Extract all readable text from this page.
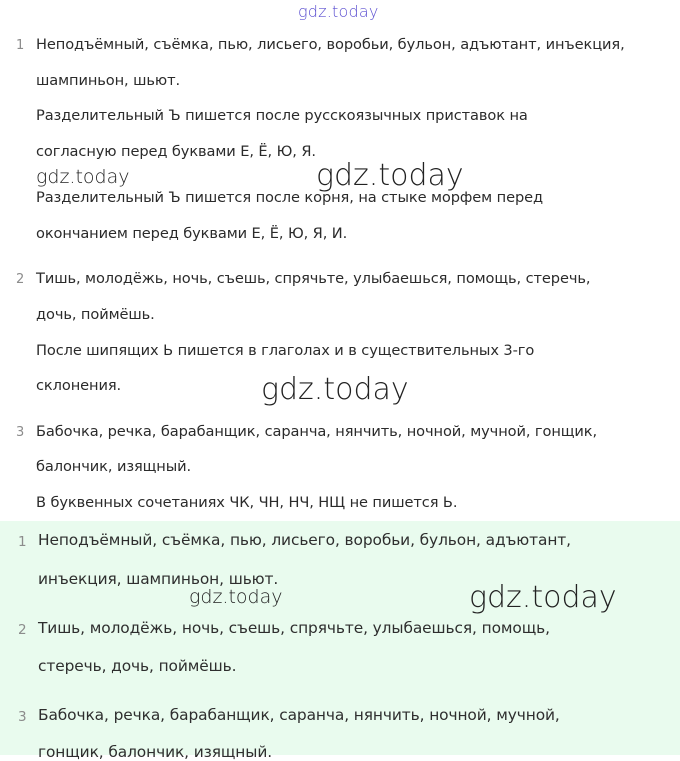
1 Неподъёмный, съёмка, пью, лисьего, воробьи, бульон, адъютант, инъекция,
шампиньон, шьют.
Разделительный Ъ пишется после русскоязычных приставок на
согласную перед буквами Е, Ё, Ю, Я.
Разделительный Ъ пишется после корня, на стыке морфем перед
окончанием перед буквами Е, Ё, Ю, Я, И.
2 Тишь, молодёжь, ночь, съешь, спрячьте, улыбаешься, помощь, стеречь,
дочь, поймёшь.
После шипящих Ь пишется в глаголах и в существительных 3-го
склонения.
3 Бабочка, речка, барабанщик, саранча, нянчить, ночной, мучной, гонщик,
балончик, изящный.
В буквенных сочетаниях ЧК, ЧН, НЧ, НЩ не пишется Ь.
1 Неподъёмный, съёмка, пью, лисьего, воробьи, бульон, адъютант,
инъекция, шампиньон, шьют.
2 Тишь, молодёжь, ночь, съешь, спрячьте, улыбаешься, помощь,
стеречь, дочь, поймёшь.
3 Бабочка, речка, барабанщик, саранча, нянчить, ночной, мучной,
гонщик, балончик, изящный.
gdz.today
gdz.today	gdz.today
gdz.today
gdz.today	gdz.today
